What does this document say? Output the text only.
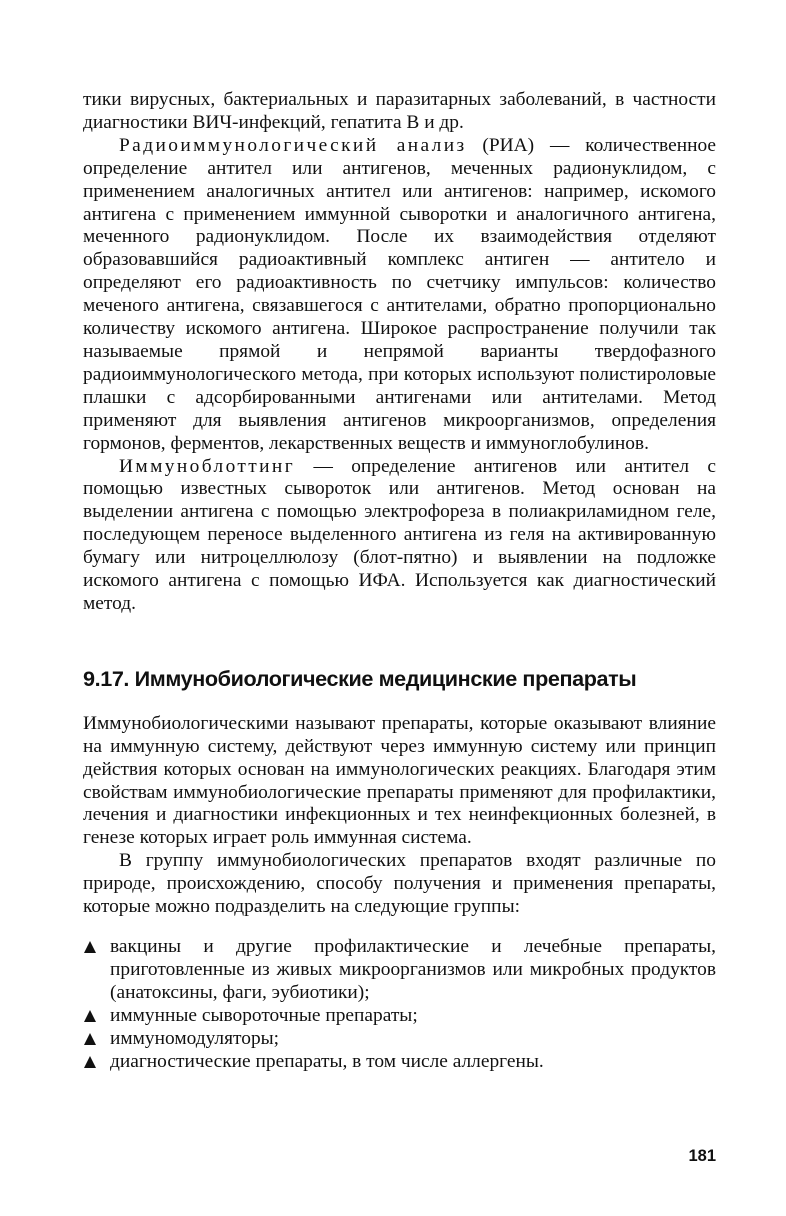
тики вирусных, бактериальных и паразитарных заболеваний, в частности диагностики ВИЧ-инфекций, гепатита В и др.

Радиоиммунологический анализ (РИА) — количественное определение антител или антигенов, меченных радионуклидом, с применением аналогичных антител или антигенов: например, искомого антигена с применением иммунной сыворотки и аналогичного антигена, меченного радионуклидом. После их взаимодействия отделяют образовавшийся радиоактивный комплекс антиген — антитело и определяют его радиоактивность по счетчику импульсов: количество меченого антигена, связавшегося с антителами, обратно пропорционально количеству искомого антигена. Широкое распространение получили так называемые прямой и непрямой варианты твердофазного радиоиммунологического метода, при которых используют полистироловые плашки с адсорбированными антигенами или антителами. Метод применяют для выявления антигенов микроорганизмов, определения гормонов, ферментов, лекарственных веществ и иммуноглобулинов.

Иммуноблоттинг — определение антигенов или антител с помощью известных сывороток или антигенов. Метод основан на выделении антигена с помощью электрофореза в полиакриламидном геле, последующем переносе выделенного антигена из геля на активированную бумагу или нитроцеллюлозу (блот-пятно) и выявлении на подложке искомого антигена с помощью ИФА. Используется как диагностический метод.

9.17. Иммунобиологические медицинские препараты

Иммунобиологическими называют препараты, которые оказывают влияние на иммунную систему, действуют через иммунную систему или принцип действия которых основан на иммунологических реакциях. Благодаря этим свойствам иммунобиологические препараты применяют для профилактики, лечения и диагностики инфекционных и тех неинфекционных болезней, в генезе которых играет роль иммунная система.

В группу иммунобиологических препаратов входят различные по природе, происхождению, способу получения и применения препараты, которые можно подразделить на следующие группы:

вакцины и другие профилактические и лечебные препараты, приготовленные из живых микроорганизмов или микробных продуктов (анатоксины, фаги, эубиотики);
иммунные сывороточные препараты;
иммуномодуляторы;
диагностические препараты, в том числе аллергены.
181
